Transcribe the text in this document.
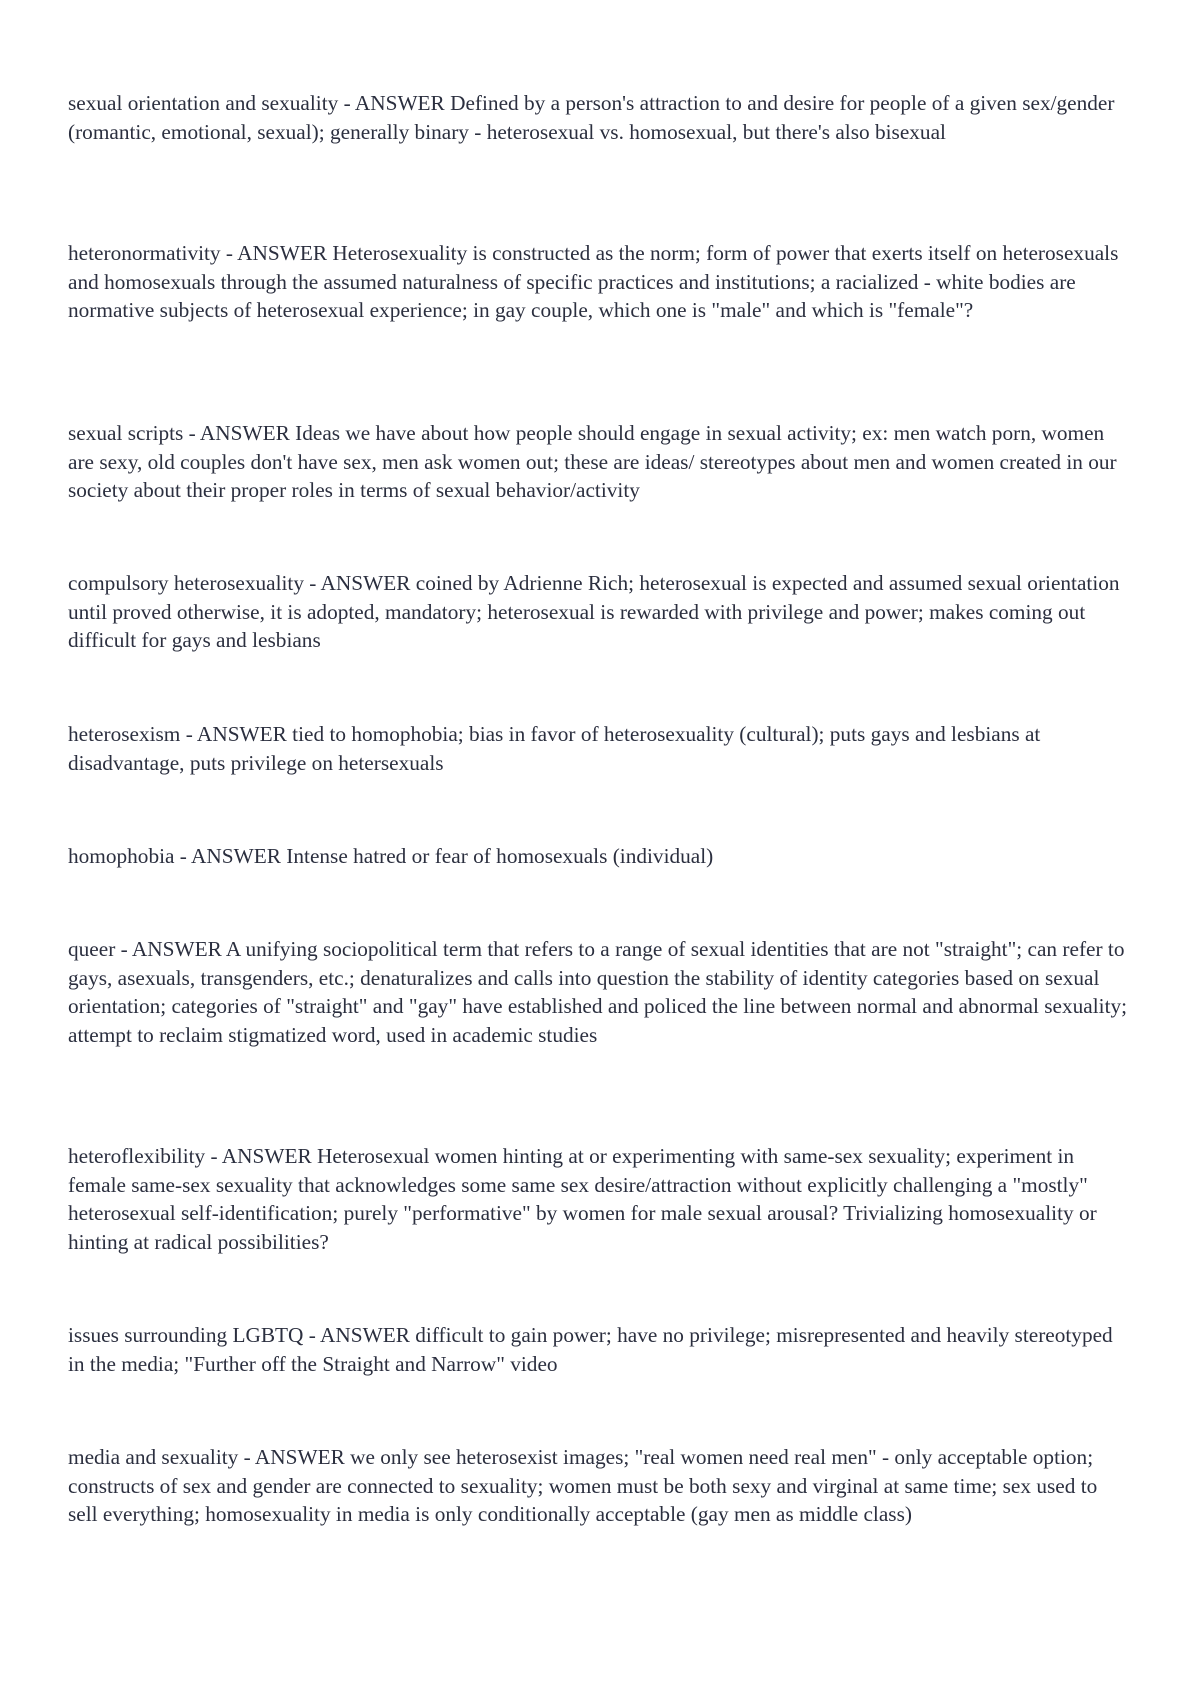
sexual orientation and sexuality - ANSWER Defined by a person's attraction to and desire for people of a given sex/gender (romantic, emotional, sexual); generally binary - heterosexual vs. homosexual, but there's also bisexual

heteronormativity - ANSWER Heterosexuality is constructed as the norm; form of power that exerts itself on heterosexuals and homosexuals through the assumed naturalness of specific practices and institutions; a racialized - white bodies are normative subjects of heterosexual experience; in gay couple, which one is "male" and which is "female"?

sexual scripts - ANSWER Ideas we have about how people should engage in sexual activity; ex: men watch porn, women are sexy, old couples don't have sex, men ask women out; these are ideas/ stereotypes about men and women created in our society about their proper roles in terms of sexual behavior/activity

compulsory heterosexuality - ANSWER coined by Adrienne Rich; heterosexual is expected and assumed sexual orientation until proved otherwise, it is adopted, mandatory; heterosexual is rewarded with privilege and power; makes coming out difficult for gays and lesbians

heterosexism - ANSWER tied to homophobia; bias in favor of heterosexuality (cultural); puts gays and lesbians at disadvantage, puts privilege on hetersexuals

homophobia - ANSWER Intense hatred or fear of homosexuals (individual)

queer - ANSWER A unifying sociopolitical term that refers to a range of sexual identities that are not "straight"; can refer to gays, asexuals, transgenders, etc.; denaturalizes and calls into question the stability of identity categories based on sexual orientation; categories of "straight" and "gay" have established and policed the line between normal and abnormal sexuality; attempt to reclaim stigmatized word, used in academic studies

heteroflexibility - ANSWER Heterosexual women hinting at or experimenting with same-sex sexuality; experiment in female same-sex sexuality that acknowledges some same sex desire/attraction without explicitly challenging a "mostly" heterosexual self-identification; purely "performative" by women for male sexual arousal? Trivializing homosexuality or hinting at radical possibilities?

issues surrounding LGBTQ - ANSWER difficult to gain power; have no privilege; misrepresented and heavily stereotyped in the media; "Further off the Straight and Narrow" video

media and sexuality - ANSWER we only see heterosexist images; "real women need real men" - only acceptable option; constructs of sex and gender are connected to sexuality; women must be both sexy and virginal at same time; sex used to sell everything; homosexuality in media is only conditionally acceptable (gay men as middle class)
